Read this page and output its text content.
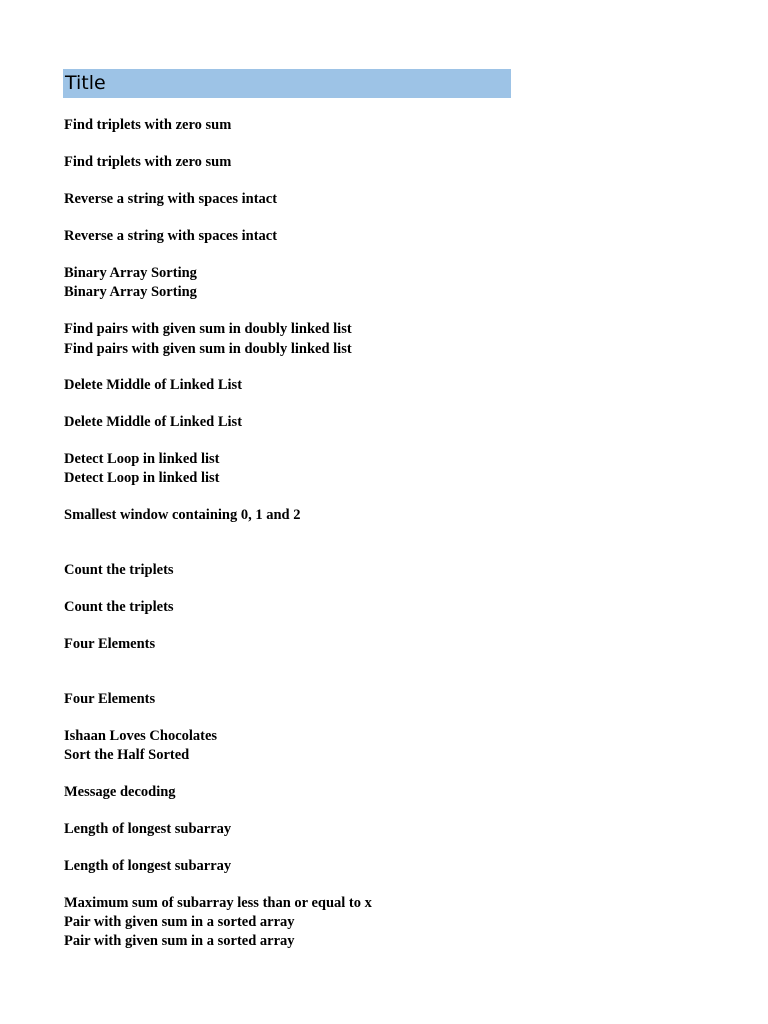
Title
Find triplets with zero sum
Find triplets with zero sum
Reverse a string with spaces intact
Reverse a string with spaces intact
Binary Array Sorting
Binary Array Sorting
Find pairs with given sum in doubly linked list
Find pairs with given sum in doubly linked list
Delete Middle of Linked List
Delete Middle of Linked List
Detect Loop in linked list
Detect Loop in linked list
Smallest window containing 0, 1 and 2
Count the triplets
Count the triplets
Four Elements
Four Elements
Ishaan Loves Chocolates
Sort the Half Sorted
Message decoding
Length of longest subarray
Length of longest subarray
Maximum sum of subarray less than or equal to x
Pair with given sum in a sorted array
Pair with given sum in a sorted array
